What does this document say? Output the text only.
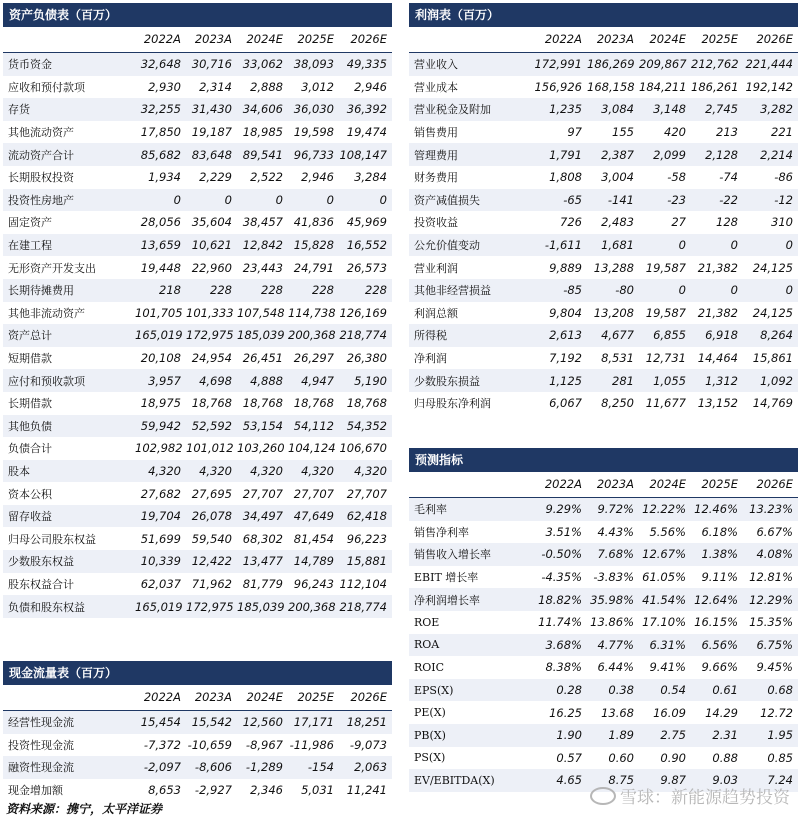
资产负债表（百万）
2022A	2023A	2024E	2025E	2026E
货币资金	32,648	30,716	33,062	38,093	49,335
应收和预付款项	2,930	2,314	2,888	3,012	2,946
存货	32,255	31,430	34,606	36,030	36,392
其他流动资产	17,850	19,187	18,985	19,598	19,474
流动资产合计	85,682	83,648	89,541	96,733	108,147
长期股权投资	1,934	2,229	2,522	2,946	3,284
投资性房地产	0	0	0	0	0
固定资产	28,056	35,604	38,457	41,836	45,969
在建工程	13,659	10,621	12,842	15,828	16,552
无形资产开发支出	19,448	22,960	23,443	24,791	26,573
长期待摊费用	218	228	228	228	228
其他非流动资产	101,705	101,333	107,548	114,738	126,169
资产总计	165,019	172,975	185,039	200,368	218,774
短期借款	20,108	24,954	26,451	26,297	26,380
应付和预收款项	3,957	4,698	4,888	4,947	5,190
长期借款	18,975	18,768	18,768	18,768	18,768
其他负债	59,942	52,592	53,154	54,112	54,352
负债合计	102,982	101,012	103,260	104,124	106,670
股本	4,320	4,320	4,320	4,320	4,320
资本公积	27,682	27,695	27,707	27,707	27,707
留存收益	19,704	26,078	34,497	47,649	62,418
归母公司股东权益	51,699	59,540	68,302	81,454	96,223
少数股东权益	10,339	12,422	13,477	14,789	15,881
股东权益合计	62,037	71,962	81,779	96,243	112,104
负债和股东权益	165,019	172,975	185,039	200,368	218,774
现金流量表（百万）
2022A	2023A	2024E	2025E	2026E
经营性现金流	15,454	15,542	12,560	17,171	18,251
投资性现金流	-7,372	-10,659	-8,967	-11,986	-9,073
融资性现金流	-2,097	-8,606	-1,289	-154	2,063
现金增加额	8,653	-2,927	2,346	5,031	11,241
利润表（百万）
2022A	2023A	2024E	2025E	2026E
营业收入	172,991	186,269	209,867	212,762	221,444
营业成本	156,926	168,158	184,211	186,261	192,142
营业税金及附加	1,235	3,084	3,148	2,745	3,282
销售费用	97	155	420	213	221
管理费用	1,791	2,387	2,099	2,128	2,214
财务费用	1,808	3,004	-58	-74	-86
资产减值损失	-65	-141	-23	-22	-12
投资收益	726	2,483	27	128	310
公允价值变动	-1,611	1,681	0	0	0
营业利润	9,889	13,288	19,587	21,382	24,125
其他非经营损益	-85	-80	0	0	0
利润总额	9,804	13,208	19,587	21,382	24,125
所得税	2,613	4,677	6,855	6,918	8,264
净利润	7,192	8,531	12,731	14,464	15,861
少数股东损益	1,125	281	1,055	1,312	1,092
归母股东净利润	6,067	8,250	11,677	13,152	14,769
预测指标
2022A	2023A	2024E	2025E	2026E
毛利率	9.29%	9.72%	12.22%	12.46%	13.23%
销售净利率	3.51%	4.43%	5.56%	6.18%	6.67%
销售收入增长率	-0.50%	7.68%	12.67%	1.38%	4.08%
EBIT 增长率	-4.35%	-3.83%	61.05%	9.11%	12.81%
净利润增长率	18.82%	35.98%	41.54%	12.64%	12.29%
ROE	11.74%	13.86%	17.10%	16.15%	15.35%
ROA	3.68%	4.77%	6.31%	6.56%	6.75%
ROIC	8.38%	6.44%	9.41%	9.66%	9.45%
EPS(X)	0.28	0.38	0.54	0.61	0.68
PE(X)	16.25	13.68	16.09	14.29	12.72
PB(X)	1.90	1.89	2.75	2.31	1.95
PS(X)	0.57	0.60	0.90	0.88	0.85
EV/EBITDA(X)	4.65	8.75	9.87	9.03	7.24
资料来源：携宁，太平洋证券
雪球：新能源趋势投资
